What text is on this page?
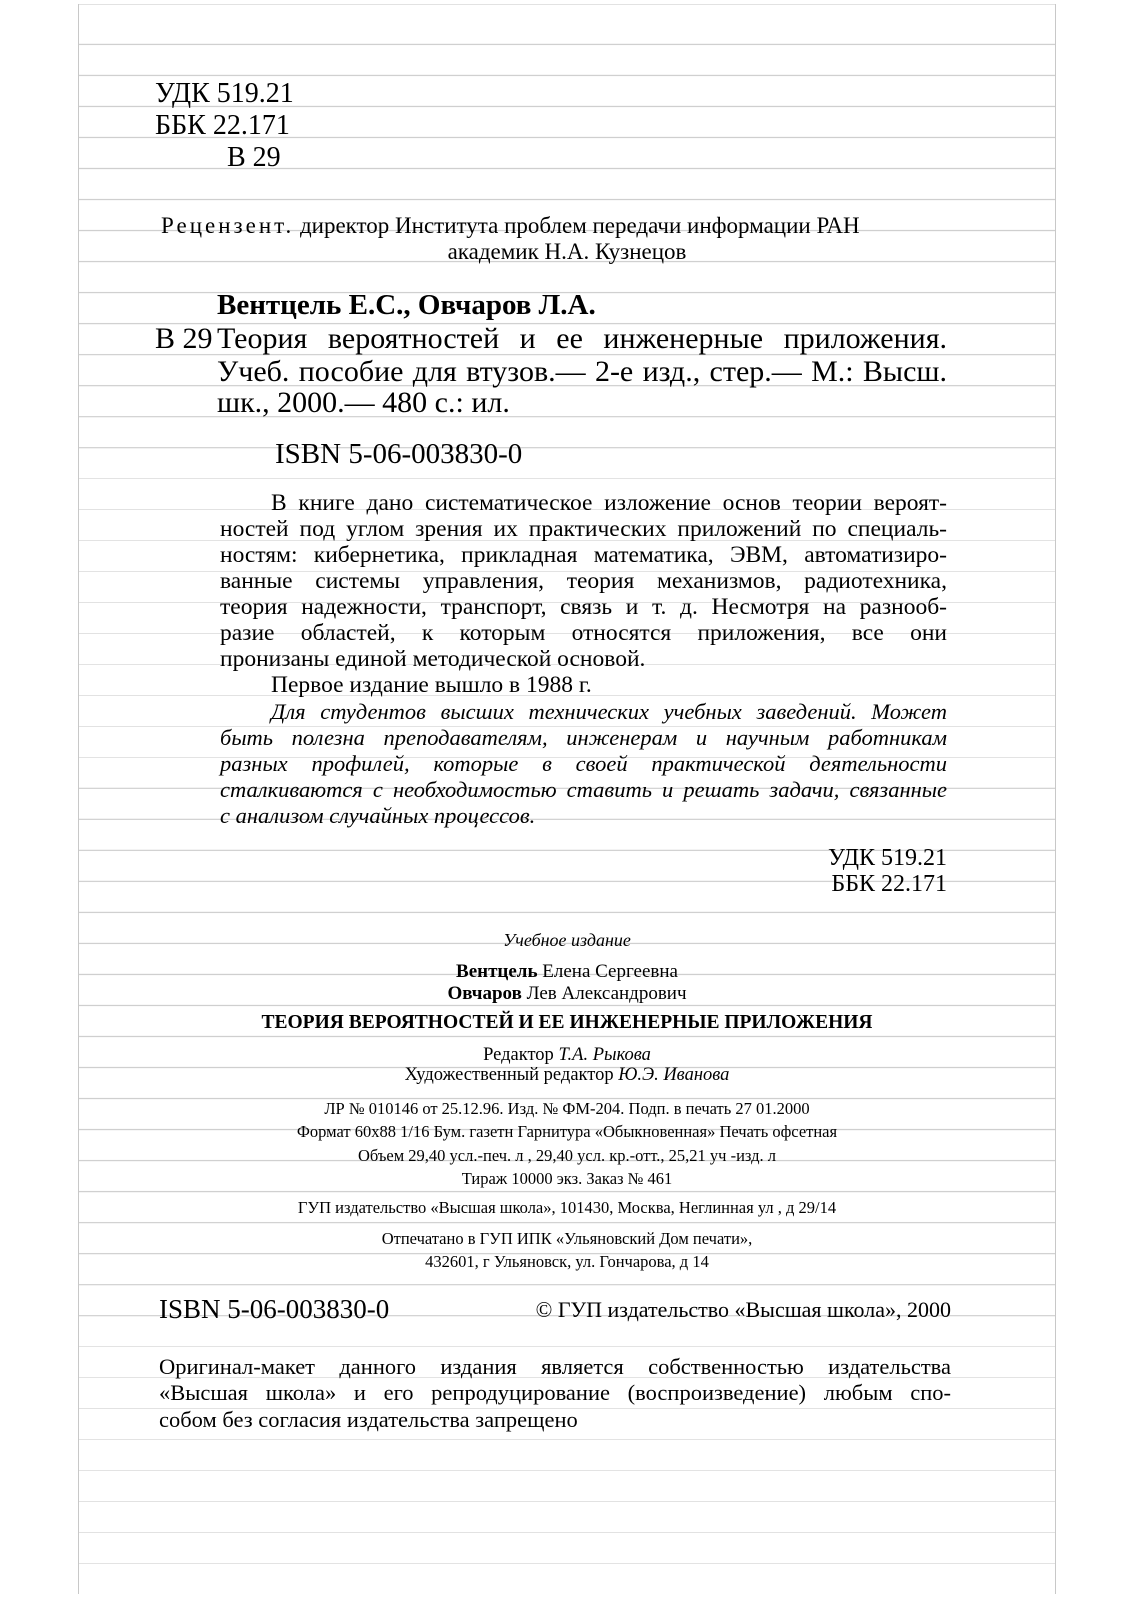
УДК 519.21
ББК 22.171
В 29
Рецензент. директор Института проблем передачи информации РАН
академик Н.А. Кузнецов
Вентцель Е.С., Овчаров Л.А.
В 29 Теория вероятностей и ее инженерные приложения.
Учеб. пособие для втузов.— 2-е изд., стер.— М.: Высш.
шк., 2000.— 480 с.: ил.
ISBN 5-06-003830-0
В книге дано систематическое изложение основ теории вероят-
ностей под углом зрения их практических приложений по специаль-
ностям: кибернетика, прикладная математика, ЭВМ, автоматизиро-
ванные системы управления, теория механизмов, радиотехника,
теория надежности, транспорт, связь и т. д. Несмотря на разнооб-
разие областей, к которым относятся приложения, все они
пронизаны единой методической основой.
Первое издание вышло в 1988 г.
Для студентов высших технических учебных заведений. Может
быть полезна преподавателям, инженерам и научным работникам
разных профилей, которые в своей практической деятельности
сталкиваются с необходимостью ставить и решать задачи, связанные
с анализом случайных процессов.
УДК 519.21
ББК 22.171
Учебное издание
Вентцель Елена Сергеевна
Овчаров Лев Александрович
ТЕОРИЯ ВЕРОЯТНОСТЕЙ И ЕЕ ИНЖЕНЕРНЫЕ ПРИЛОЖЕНИЯ
Редактор Т.А. Рыкова
Художественный редактор Ю.Э. Иванова
ЛР № 010146 от 25.12.96. Изд. № ФМ-204. Подп. в печать 27 01.2000
Формат 60x88 1/16 Бум. газетн Гарнитура «Обыкновенная» Печать офсетная
Объем 29,40 усл.-печ. л , 29,40 усл. кр.-отт., 25,21 уч -изд. л
Тираж 10000 экз. Заказ № 461
ГУП издательство «Высшая школа», 101430, Москва, Неглинная ул , д 29/14
Отпечатано в ГУП ИПК «Ульяновский Дом печати»,
432601, г Ульяновск, ул. Гончарова, д 14
ISBN 5-06-003830-0	© ГУП издательство «Высшая школа», 2000
Оригинал-макет данного издания является собственностью издательства
«Высшая школа» и его репродуцирование (воспроизведение) любым спо-
собом без согласия издательства запрещено
